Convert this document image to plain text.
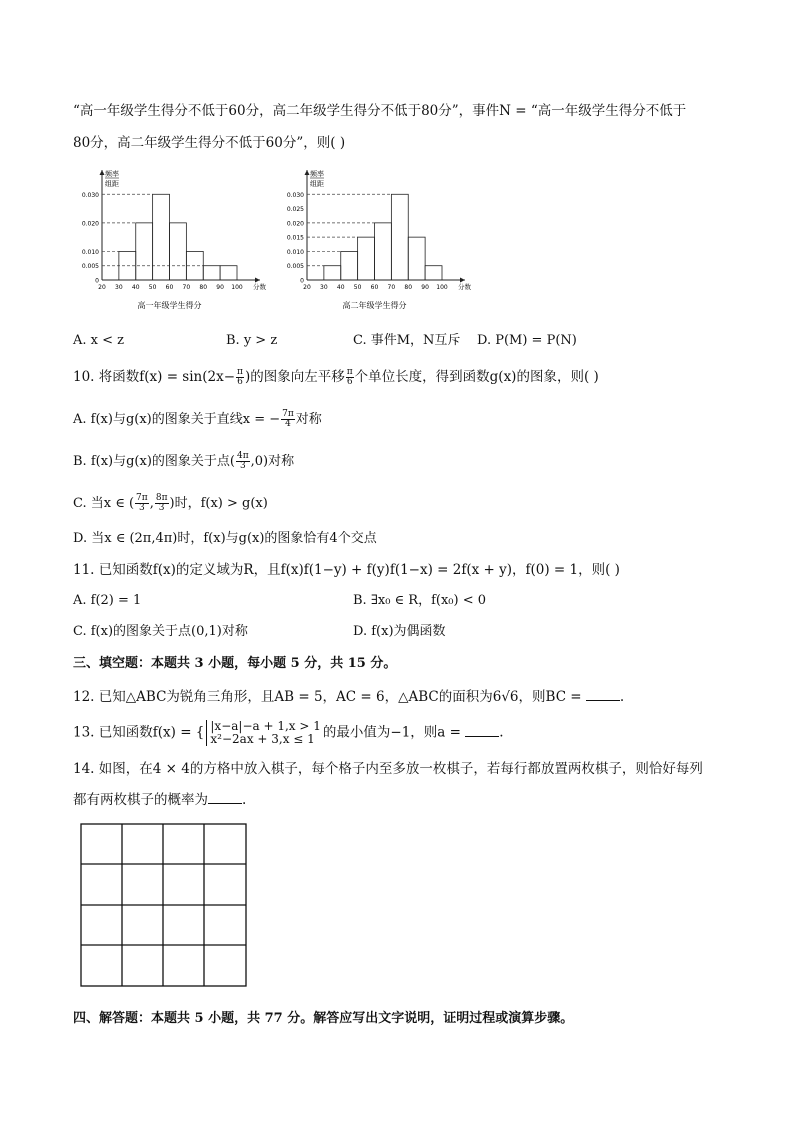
“高一年级学生得分不低于60分，高二年级学生得分不低于80分”，事件N = “高一年级学生得分不低于
80分，高二年级学生得分不低于60分”，则( )
频率
组距
0
0.005
0.010
0.020
0.030
20 30 40 50 60 70 80 90 100 分数
高一年级学生得分
频率
组距
0
0.005
0.010
0.015
0.020
0.025
0.030
20 30 40 50 60 70 80 90 100 分数
高二年级学生得分
A. x < z	B. y > z	C. 事件M，N互斥 D. P(M) = P(N)
10. 将函数$f(x) = \sin(2x- \frac{\pi}{6}$ )的图象向左平移 $\frac{\pi}{6}$ 个单位长度，得到函数g(x)的图象，则( )
A. f(x)与g(x)的图象关于直线x = − $\frac{7\pi}{4}$ 对称
B. f(x)与g(x)的图象关于点( $\frac{4\pi}{3} ,0$)对称
C. 当x ∈ ( $\frac{7\pi}{3}$ , $\frac{8\pi}{3}$ )时，f(x) > g(x)
D. 当x ∈ (2π,4π)时，f(x)与g(x)的图象恰有4个交点
11. 已知函数f(x)的定义域为R，且f(x)f(1−y) + f(y)f(1−x) = 2f(x + y)，f(0) = 1，则( )
A. f(2) = 1	B. ∃x₀ ∈ R，f(x₀) < 0
C. f(x)的图象关于点(0,1)对称	D. f(x)为偶函数
三、填空题：本题共 3 小题，每小题 5 分，共 15 分。
12. 已知△ABC为锐角三角形，且AB = 5，AC = 6，△ABC的面积为6√6，则BC =	.
13. 已知函数f(x) = { |x−a|−a + 1,x > 1
x²−2ax + 3,x ≤ 1 的最小值为−1，则a =	.
14. 如图，在4 × 4的方格中放入棋子，每个格子内至多放一枚棋子，若每行都放置两枚棋子，则恰好每列
都有两枚棋子的概率为	.
四、解答题：本题共 5 小题，共 77 分。解答应写出文字说明，证明过程或演算步骤。
